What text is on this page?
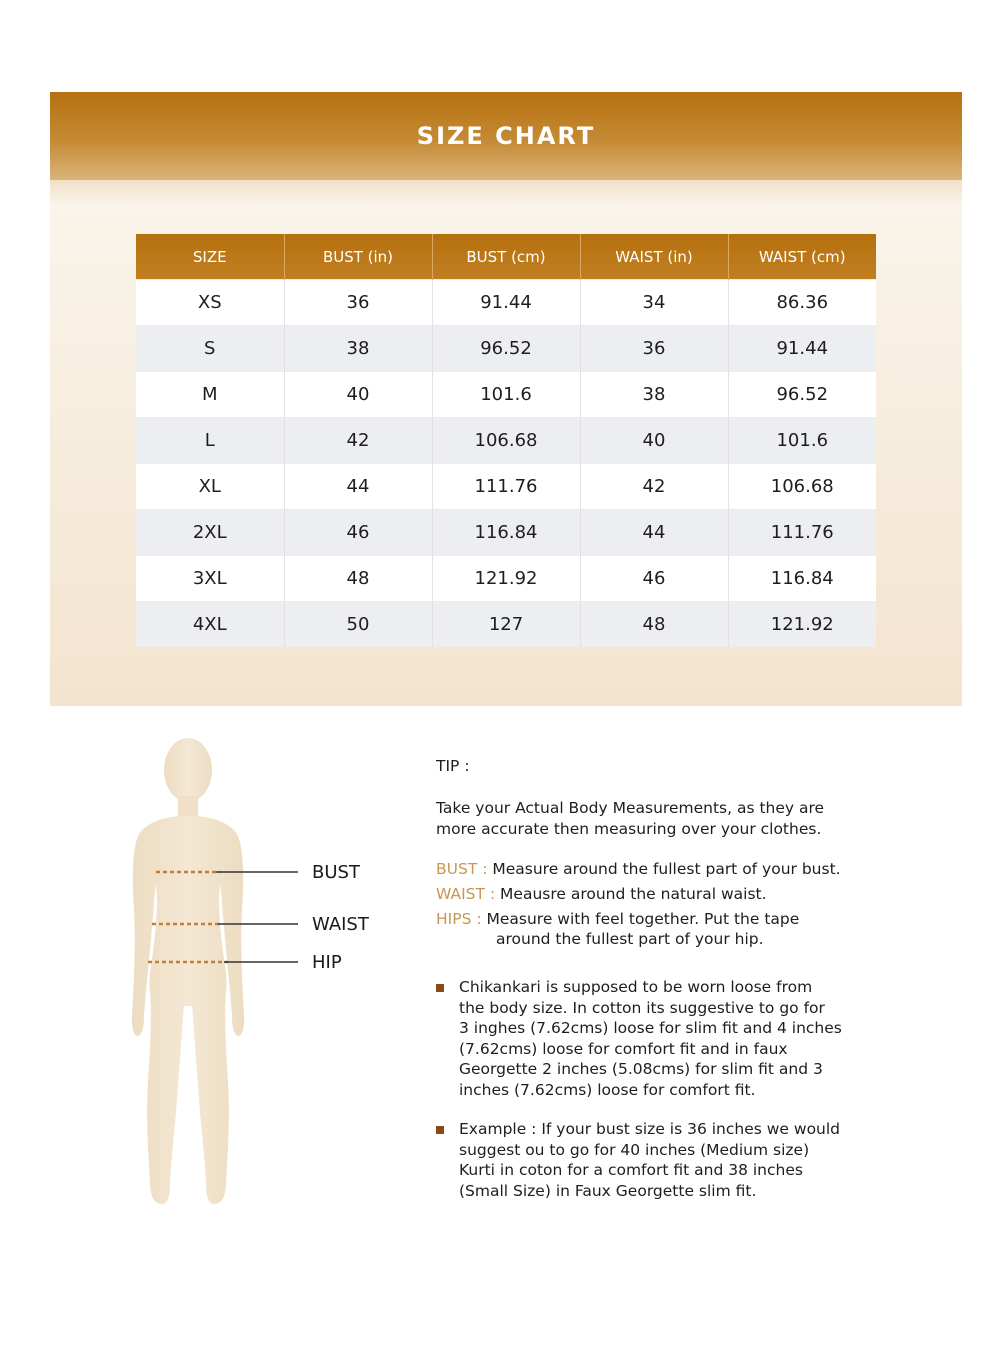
SIZE CHART
SIZE	BUST (in)	BUST (cm)	WAIST (in)	WAIST (cm)
XS	36	91.44	34	86.36
S	38	96.52	36	91.44
M	40	101.6	38	96.52
L	42	106.68	40	101.6
XL	44	111.76	42	106.68
2XL	46	116.84	44	111.76
3XL	48	121.92	46	116.84
4XL	50	127	48	121.92
BUST
WAIST
HIP
TIP :
Take your Actual Body Measurements, as they are
more accurate then measuring over your clothes.
BUST : Measure around the fullest part of your bust.
WAIST : Meausre around the natural waist.
HIPS : Measure with feel together. Put the tape
around the fullest part of your hip.
Chikankari is supposed to be worn loose from
the body size. In cotton its suggestive to go for
3 inghes (7.62cms) loose for slim fit and 4 inches
(7.62cms) loose for comfort fit and in faux
Georgette 2 inches (5.08cms) for slim fit and 3
inches (7.62cms) loose for comfort fit.
Example : If your bust size is 36 inches we would
suggest ou to go for 40 inches (Medium size)
Kurti in coton for a comfort fit and 38 inches
(Small Size) in Faux Georgette slim fit.
